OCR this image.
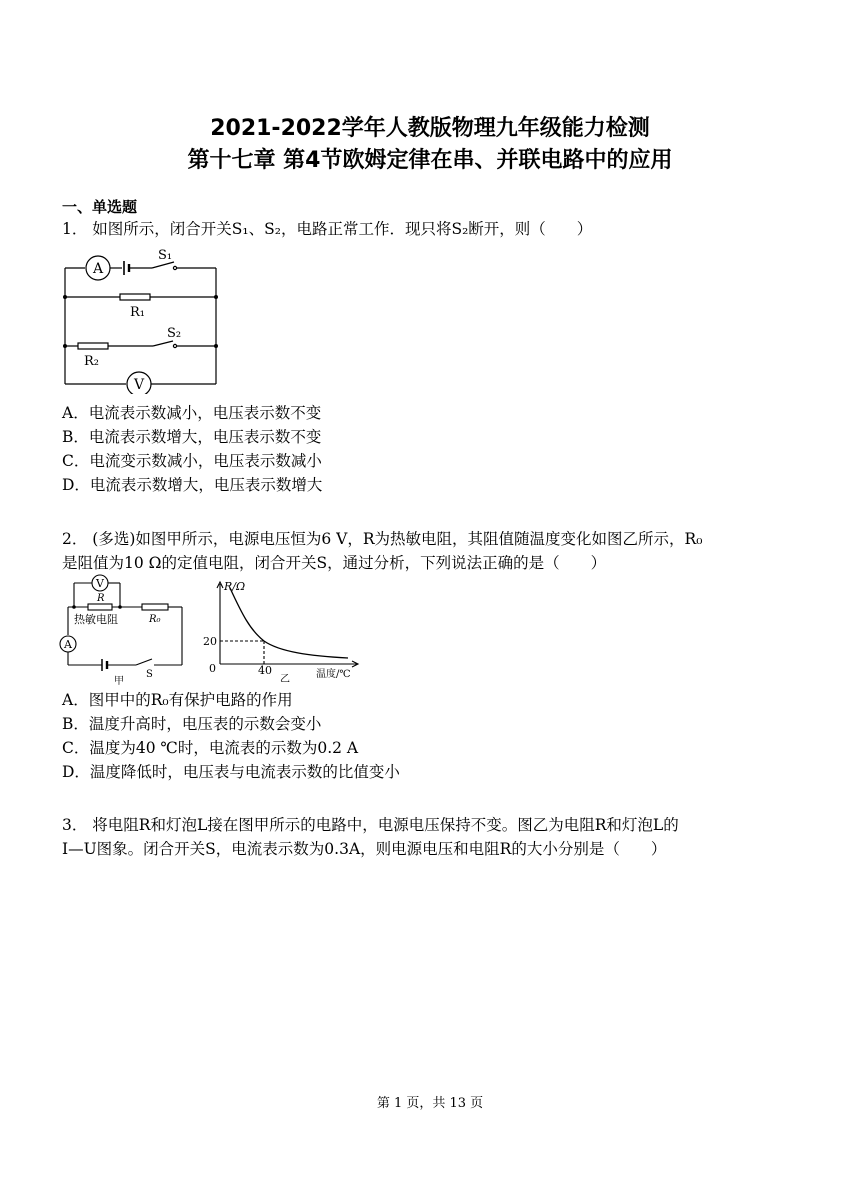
2021-2022学年人教版物理九年级能力检测
第十七章 第4节欧姆定律在串、并联电路中的应用
一、单选题
1． 如图所示，闭合开关S₁、S₂，电路正常工作．现只将S₂断开，则（　　）
A
V
S₁
S₂
R₁
R₂
A．电流表示数减小，电压表示数不变
B．电流表示数增大，电压表示数不变
C．电流变示数减小，电压表示数减小
D．电流表示数增大，电压表示数增大
2． (多选)如图甲所示，电源电压恒为6 V，R为热敏电阻，其阻值随温度变化如图乙所示，R₀
是阻值为10 Ω的定值电阻，闭合开关S，通过分析，下列说法正确的是（　　）
V
A
R
R₀
热敏电阻
S
甲
R/Ω
20
0	40	温度/℃
乙
A．图甲中的R₀有保护电路的作用
B．温度升高时，电压表的示数会变小
C．温度为40 ℃时，电流表的示数为0.2 A
D．温度降低时，电压表与电流表示数的比值变小
3． 将电阻R和灯泡L接在图甲所示的电路中，电源电压保持不变。图乙为电阻R和灯泡L的
I—U图象。闭合开关S，电流表示数为0.3A，则电源电压和电阻R的大小分别是（　　）
第 1 页，共 13 页
